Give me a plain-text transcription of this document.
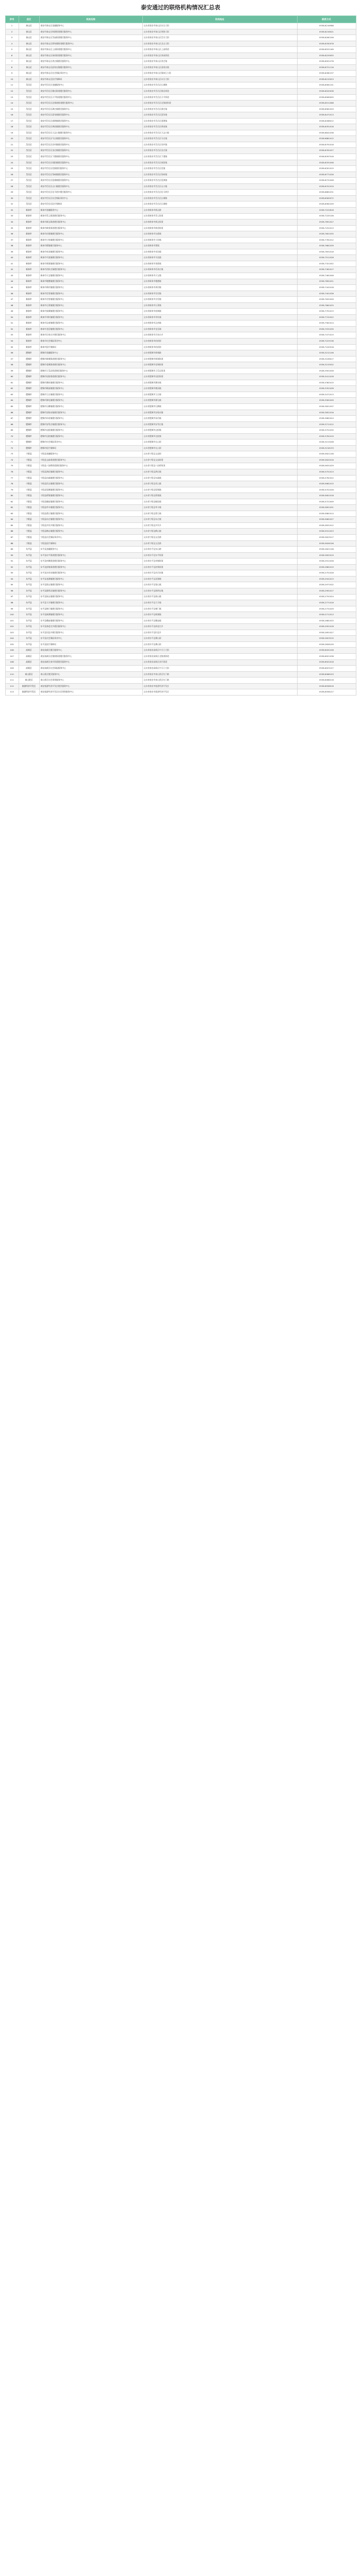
泰安通过的联络机构情况汇总表
序号	县区	机构名称	机构地址	联系方式
1	泰山区	泰安市泰山区金融服务中心	山东省泰安市泰山区东岳大街	0538-8216588
2	泰山区	泰安市泰山区财源街道便民服务中心	山东省泰安市泰山区财源大街	0538-8216021
3	泰山区	泰安市泰山区岱庙街道便民服务中心	山东省泰安市泰山区岱宗大街	0538-8260156
4	泰山区	泰安市泰山区徐家楼街道便民服务中心	山东省泰安市泰山区灵山大街	0538-8330078
5	泰山区	泰安市泰山区上高街道便民服务中心	山东省泰安市泰山区上高街道	0538-8531169
6	泰山区	泰安市泰山区泰前街道便民服务中心	山东省泰安市泰山区泰前街道	0538-8229055
7	泰山区	泰安市泰山区省庄镇便民服务中心	山东省泰安市泰山区省庄镇	0538-8501278
8	泰山区	泰安市泰山区邱家店镇便民服务中心	山东省泰安市泰山区邱家店镇	0538-8721116
9	泰山区	泰安市泰山区社会保险事业中心	山东省泰安市泰山区擂鼓石大街	0538-8280137
10	泰山区	泰安市泰山区医疗保障局	山东省泰安市泰山区东岳大街	0538-8215023
11	岱岳区	泰安市岱岳区金融服务中心	山东省泰安市岱岳区长城路	0538-8562101
12	岱岳区	泰安市岱岳区粥店街道便民服务中心	山东省泰安市岱岳区粥店街道	0538-8520036
13	岱岳区	泰安市岱岳区天平街道便民服务中心	山东省泰安市岱岳区天平街道	0538-8569005
14	岱岳区	泰安市岱岳区北集坡街道便民服务中心	山东省泰安市岱岳区北集坡街道	0538-8511068
15	岱岳区	泰安市岱岳区满庄镇便民服务中心	山东省泰安市岱岳区满庄镇	0538-8581029
16	岱岳区	泰安市岱岳区夏张镇便民服务中心	山东省泰安市岱岳区夏张镇	0538-8471013
17	岱岳区	泰安市岱岳区道朗镇便民服务中心	山东省泰安市岱岳区道朗镇	0538-8498012
18	岱岳区	泰安市岱岳区黄前镇便民服务中心	山东省泰安市岱岳区黄前镇	0538-8351016
19	岱岳区	泰安市岱岳区大汶口镇便民服务中心	山东省泰安市岱岳区大汶口镇	0538-8841036
20	岱岳区	泰安市岱岳区马庄镇便民服务中心	山东省泰安市岱岳区马庄镇	0538-8881012
21	岱岳区	泰安市岱岳区房村镇便民服务中心	山东省泰安市岱岳区房村镇	0538-8791018
22	岱岳区	泰安市岱岳区良庄镇便民服务中心	山东省泰安市岱岳区良庄镇	0538-8761027
23	岱岳区	泰安市岱岳区下港镇便民服务中心	山东省泰安市岱岳区下港镇	0538-8397016
24	岱岳区	泰安市岱岳区祝阳镇便民服务中心	山东省泰安市岱岳区祝阳镇	0538-8331006
25	岱岳区	泰安市岱岳区范镇便民服务中心	山东省泰安市岱岳区范镇	0538-8301015
26	岱岳区	泰安市岱岳区角峪镇便民服务中心	山东省泰安市岱岳区角峪镇	0538-8771026
27	岱岳区	泰安市岱岳区徂徕镇便民服务中心	山东省泰安市岱岳区徂徕镇	0538-8731008
28	岱岳区	泰安市岱岳区山口镇便民服务中心	山东省泰安市岱岳区山口镇	0538-8701019
29	岱岳区	泰安市岱岳区化马湾乡便民服务中心	山东省泰安市岱岳区化马湾乡	0538-8681031
30	岱岳区	泰安市岱岳区社会保险事业中心	山东省泰安市岱岳区长城路	0538-8563072
31	岱岳区	泰安市岱岳区医疗保障局	山东省泰安市岱岳区长城路	0538-8562209
32	新泰市	新泰市金融服务中心	山东省新泰市新汶路	0538-7222618
33	新泰市	新泰市青云街道便民服务中心	山东省新泰市青云街道	0538-7225106
34	新泰市	新泰市新汶街道便民服务中心	山东省新泰市新汶街道	0538-7851027
35	新泰市	新泰市新甫街道便民服务中心	山东省新泰市新甫街道	0538-7251013
36	新泰市	新泰市东都镇便民服务中心	山东省新泰市东都镇	0538-7601035
37	新泰市	新泰市小协镇便民服务中心	山东省新泰市小协镇	0538-7781012
38	新泰市	新泰市翟镇便民服务中心	山东省新泰市翟镇	0538-7861039
39	新泰市	新泰市泉沟镇便民服务中心	山东省新泰市泉沟镇	0538-7831016
40	新泰市	新泰市羊流镇便民服务中心	山东省新泰市羊流镇	0538-7511028
41	新泰市	新泰市果都镇便民服务中心	山东省新泰市果都镇	0538-7321052
42	新泰市	新泰市西张庄镇便民服务中心	山东省新泰市西张庄镇	0538-7361017
43	新泰市	新泰市天宝镇便民服务中心	山东省新泰市天宝镇	0538-7481006
44	新泰市	新泰市楼德镇便民服务中心	山东省新泰市楼德镇	0538-7891021
45	新泰市	新泰市禹村镇便民服务中心	山东省新泰市禹村镇	0538-7441018
46	新泰市	新泰市宫里镇便民服务中心	山东省新泰市宫里镇	0538-7401036
47	新泰市	新泰市谷里镇便民服务中心	山东省新泰市谷里镇	0538-7631009
48	新泰市	新泰市石莱镇便民服务中心	山东省新泰市石莱镇	0538-7661025
49	新泰市	新泰市放城镇便民服务中心	山东省新泰市放城镇	0538-7701013
50	新泰市	新泰市刘杜镇便民服务中心	山东省新泰市刘杜镇	0538-7741022
51	新泰市	新泰市汶南镇便民服务中心	山东省新泰市汶南镇	0538-7561014
52	新泰市	新泰市龙廷镇便民服务中心	山东省新泰市龙廷镇	0538-7531030
53	新泰市	新泰市岳家庄乡便民服务中心	山东省新泰市岳家庄乡	0538-7471015
54	新泰市	新泰市社会保险事业中心	山东省新泰市府前街	0538-7223136
55	新泰市	新泰市医疗保障局	山东省新泰市府前街	0538-7220518
56	肥城市	肥城市金融服务中心	山东省肥城市新城路	0538-3212106
57	肥城市	肥城市新城街道便民服务中心	山东省肥城市新城街道	0538-3226017
58	肥城市	肥城市老城街道便民服务中心	山东省肥城市老城街道	0538-3215032
59	肥城市	肥城市王瓜店街道便民服务中心	山东省肥城市王瓜店街道	0538-3501026
60	肥城市	肥城市仪阳街道便民服务中心	山东省肥城市仪阳街道	0538-3411018
61	肥城市	肥城市潮泉镇便民服务中心	山东省肥城市潮泉镇	0538-3381015
62	肥城市	肥城市桃园镇便民服务中心	山东省肥城市桃园镇	0538-3351028
63	肥城市	肥城市王庄镇便民服务中心	山东省肥城市王庄镇	0538-3471013
64	肥城市	肥城市湖屯镇便民服务中心	山东省肥城市湖屯镇	0538-3561009
65	肥城市	肥城市石横镇便民服务中心	山东省肥城市石横镇	0538-3621037
66	肥城市	肥城市安临站镇便民服务中心	山东省肥城市安临站镇	0538-3651016
67	肥城市	肥城市孙伯镇便民服务中心	山东省肥城市孙伯镇	0538-3681024
68	肥城市	肥城市安驾庄镇便民服务中心	山东省肥城市安驾庄镇	0538-3711012
69	肥城市	肥城市汶阳镇便民服务中心	山东省肥城市汶阳镇	0538-3751030
70	肥城市	肥城市边院镇便民服务中心	山东省肥城市边院镇	0538-3781019
71	肥城市	肥城市社会保险事业中心	山东省肥城市长山街	0538-3213208
72	肥城市	肥城市医疗保障局	山东省肥城市长山街	0538-3216133
73	宁阳县	宁阳县金融服务中心	山东省宁阳县文庙街	0538-5621108
74	宁阳县	宁阳县文庙街道便民服务中心	山东省宁阳县文庙街道	0538-5622016
75	宁阳县	宁阳县八仙桥街道便民服务中心	山东省宁阳县八仙桥街道	0538-5631029
76	宁阳县	宁阳县泗店镇便民服务中心	山东省宁阳县泗店镇	0538-5751013
77	宁阳县	宁阳县东疏镇便民服务中心	山东省宁阳县东疏镇	0538-5781022
78	宁阳县	宁阳县伏山镇便民服务中心	山东省宁阳县伏山镇	0538-5681015
79	宁阳县	宁阳县堽城镇便民服务中心	山东省宁阳县堽城镇	0538-5701026
80	宁阳县	宁阳县蒋集镇便民服务中心	山东省宁阳县蒋集镇	0538-5801018
81	宁阳县	宁阳县磁窑镇便民服务中心	山东省宁阳县磁窑镇	0538-5721009
82	宁阳县	宁阳县华丰镇便民服务中心	山东省宁阳县华丰镇	0538-5851031
83	宁阳县	宁阳县葛石镇便民服务中心	山东省宁阳县葛石镇	0538-5881014
84	宁阳县	宁阳县东庄镇便民服务中心	山东省宁阳县东庄镇	0538-5661027
85	宁阳县	宁阳县乡饮乡便民服务中心	山东省宁阳县乡饮乡	0538-5831012
86	宁阳县	宁阳县鹤山镇便民服务中心	山东省宁阳县鹤山镇	0538-5911023
87	宁阳县	宁阳县社会保险事业中心	山东省宁阳县文化路	0538-5623217
88	宁阳县	宁阳县医疗保障局	山东省宁阳县文化路	0538-5626106
89	东平县	东平县金融服务中心	山东省东平县东山路	0538-2821106
90	东平县	东平县东平街道便民服务中心	山东省东平县东平街道	0538-2822019
91	东平县	东平县州城街道便民服务中心	山东省东平县州城街道	0538-2911026
92	东平县	东平县彭集街道便民服务中心	山东省东平县彭集街道	0538-2861015
93	东平县	东平县沙河站镇便民服务中心	山东省东平县沙河站镇	0538-2751028
94	东平县	东平县老湖镇便民服务中心	山东省东平县老湖镇	0538-2941013
95	东平县	东平县银山镇便民服务中心	山东省东平县银山镇	0538-2971032
96	东平县	东平县斑鸠店镇便民服务中心	山东省东平县斑鸠店镇	0538-2991017
97	东平县	东平县接山镇便民服务中心	山东省东平县接山镇	0538-2791024
98	东平县	东平县大羊镇便民服务中心	山东省东平县大羊镇	0538-2771016
99	东平县	东平县梯门镇便民服务中心	山东省东平县梯门镇	0538-2731029
100	东平县	东平县新湖镇便民服务中心	山东省东平县新湖镇	0538-2711013
101	东平县	东平县戴庙镇便民服务中心	山东省东平县戴庙镇	0538-2681025
102	东平县	东平县商老庄乡便民服务中心	山东省东平县商老庄乡	0538-2951018
103	东平县	东平县旧县乡便民服务中心	山东省东平县旧县乡	0538-2651027
104	东平县	东平县社会保险事业中心	山东省东平县佛山街	0538-2823215
105	东平县	东平县医疗保障局	山东省东平县佛山街	0538-2826109
106	高新区	泰安高新区便民服务中心	山东省泰安高新区中天门大街	0538-8920156
107	高新区	泰安高新区北集坡街道便民服务中心	山东省泰安高新区北集坡街道	0538-8921038
108	高新区	泰安高新区南开街道便民服务中心	山东省泰安高新区南开街道	0538-8922016
109	高新区	泰安高新区社会保险服务中心	山东省泰安高新区中天门大街	0538-8923127
110	泰山景区	泰山景区便民服务中心	山东省泰安市泰山景区红门路	0538-8066103
111	泰山景区	泰山景区社会事务服务中心	山东省泰安市泰山景区红门路	0538-8066218
112	旅游经济开发区	泰安旅游经济开发区便民服务中心	山东省泰安市旅游经济开发区	0538-8558016
113	旅游经济开发区	泰安旅游经济开发区社会事务服务中心	山东省泰安市旅游经济开发区	0538-8558127
